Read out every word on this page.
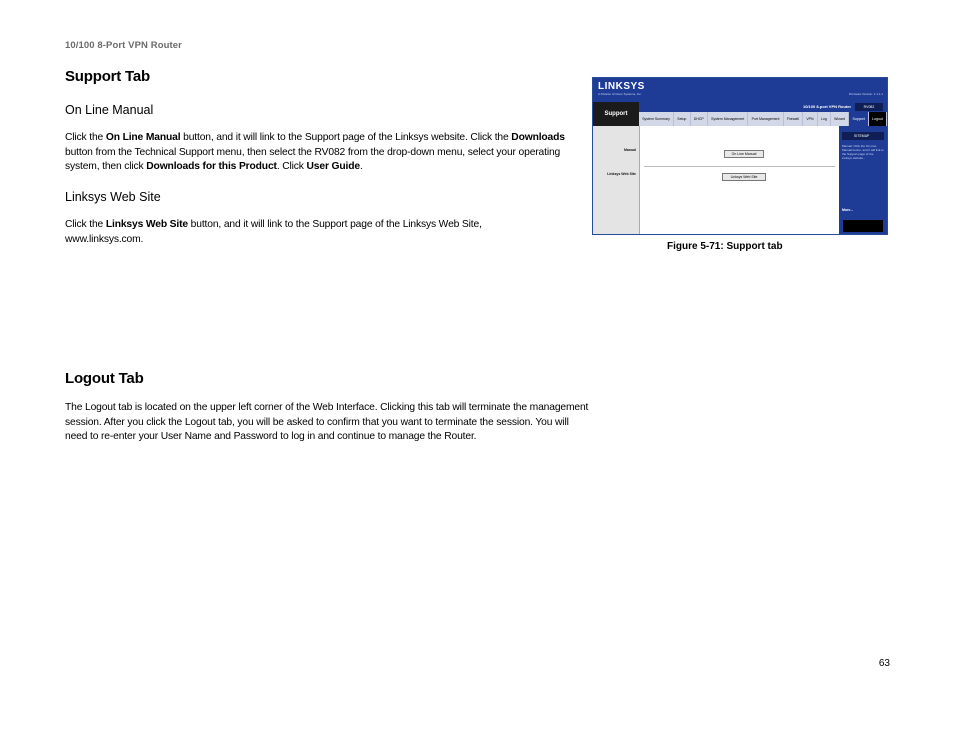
10/100 8-Port VPN Router
Support Tab
On Line Manual
Click the On Line Manual button, and it will link to the Support page of the Linksys website. Click the Downloads button from the Technical Support menu, then select the RV082 from the drop-down menu, select your operating system, then click Downloads for this Product. Click User Guide.
Linksys Web Site
Click the Linksys Web Site button, and it will link to the Support page of the Linksys Web Site, www.linksys.com.
LINKSYS
A Division of Cisco Systems, Inc.	Firmware Version: 1.1.1.1
Support
10/100 8-port VPN Router	RV082
System Summary	Setup	DHCP	System Management	Port Management	Firewall	VPN	Log	Wizard	Support	Logout
Manual
Linksys Web Site
On Line Manual
Linksys Web Site
SITEMAP
Manual: Click the On Line Manual button, and it will link to the Support page of the Linksys website...
More...
Figure 5-71: Support tab
Logout Tab
The Logout tab is located on the upper left corner of the Web Interface. Clicking this tab will terminate the management session. After you click the Logout tab, you will be asked to confirm that you want to terminate the session. You will need to re-enter your User Name and Password to log in and continue to manage the Router.
63
